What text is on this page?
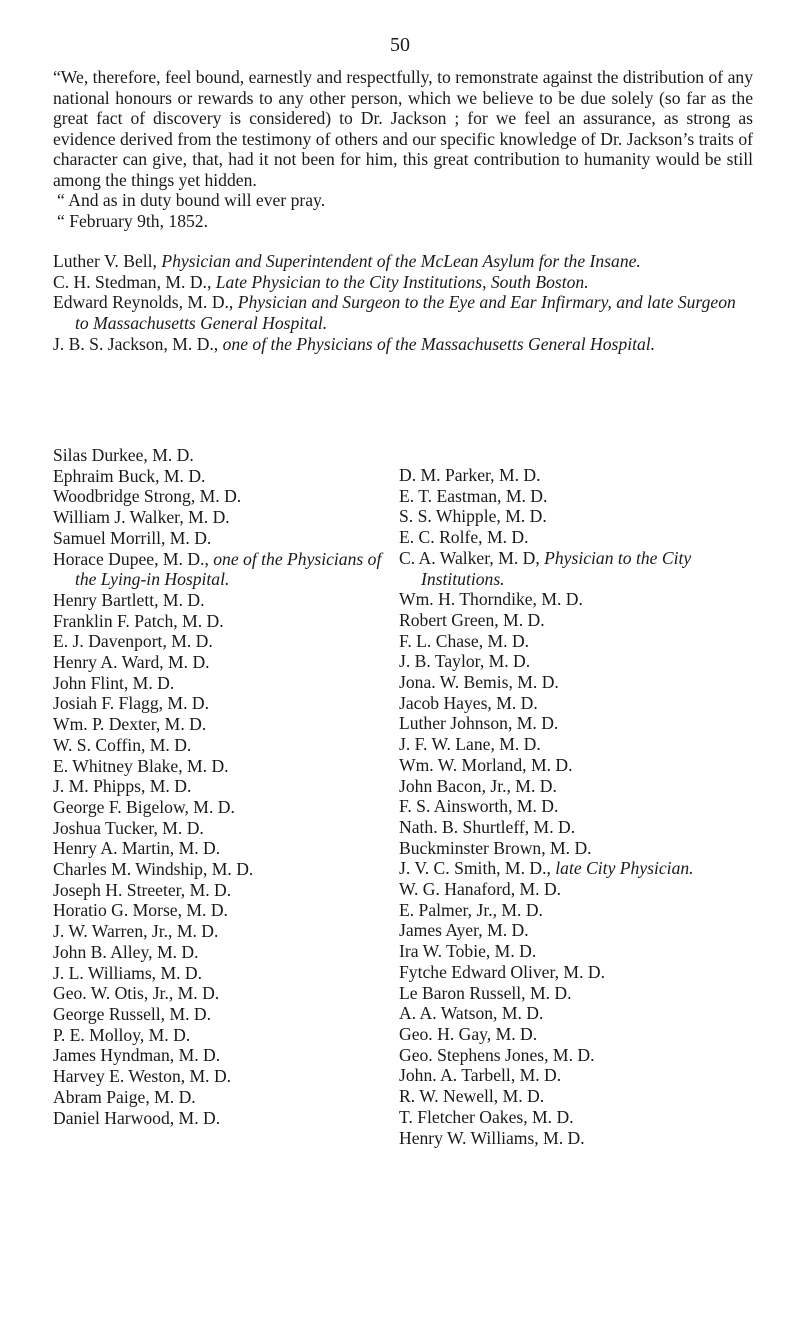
50

“We, therefore, feel bound, earnestly and respectfully, to remonstrate against the distribution of any national honours or rewards to any other person, which we believe to be due solely (so far as the great fact of discovery is considered) to Dr. Jackson ; for we feel an assurance, as strong as evidence derived from the testimony of others and our specific knowledge of Dr. Jackson’s traits of character can give, that, had it not been for him, this great contribution to humanity would be still among the things yet hidden.

“ And as in duty bound will ever pray.

“ February 9th, 1852.

Luther V. Bell, Physician and Superintendent of the McLean Asylum for the Insane.

C. H. Stedman, M. D., Late Physician to the City Institutions, South Boston.

Edward Reynolds, M. D., Physician and Surgeon to the Eye and Ear Infirmary, and late Surgeon to Massachusetts General Hospital.

J. B. S. Jackson, M. D., one of the Physicians of the Massachusetts General Hospital.

Silas Durkee, M. D.

Ephraim Buck, M. D.

Woodbridge Strong, M. D.

William J. Walker, M. D.

Samuel Morrill, M. D.

Horace Dupee, M. D., one of the Physicians of the Lying-in Hospital.

Henry Bartlett, M. D.

Franklin F. Patch, M. D.

E. J. Davenport, M. D.

Henry A. Ward, M. D.

John Flint, M. D.

Josiah F. Flagg, M. D.

Wm. P. Dexter, M. D.

W. S. Coffin, M. D.

E. Whitney Blake, M. D.

J. M. Phipps, M. D.

George F. Bigelow, M. D.

Joshua Tucker, M. D.

Henry A. Martin, M. D.

Charles M. Windship, M. D.

Joseph H. Streeter, M. D.

Horatio G. Morse, M. D.

J. W. Warren, Jr., M. D.

John B. Alley, M. D.

J. L. Williams, M. D.

Geo. W. Otis, Jr., M. D.

George Russell, M. D.

P. E. Molloy, M. D.

James Hyndman, M. D.

Harvey E. Weston, M. D.

Abram Paige, M. D.

Daniel Harwood, M. D.

D. M. Parker, M. D.

E. T. Eastman, M. D.

S. S. Whipple, M. D.

E. C. Rolfe, M. D.

C. A. Walker, M. D, Physician to the City Institutions.

Wm. H. Thorndike, M. D.

Robert Green, M. D.

F. L. Chase, M. D.

J. B. Taylor, M. D.

Jona. W. Bemis, M. D.

Jacob Hayes, M. D.

Luther Johnson, M. D.

J. F. W. Lane, M. D.

Wm. W. Morland, M. D.

John Bacon, Jr., M. D.

F. S. Ainsworth, M. D.

Nath. B. Shurtleff, M. D.

Buckminster Brown, M. D.

J. V. C. Smith, M. D., late City Physician.

W. G. Hanaford, M. D.

E. Palmer, Jr., M. D.

James Ayer, M. D.

Ira W. Tobie, M. D.

Fytche Edward Oliver, M. D.

Le Baron Russell, M. D.

A. A. Watson, M. D.

Geo. H. Gay, M. D.

Geo. Stephens Jones, M. D.

John. A. Tarbell, M. D.

R. W. Newell, M. D.

T. Fletcher Oakes, M. D.

Henry W. Williams, M. D.
